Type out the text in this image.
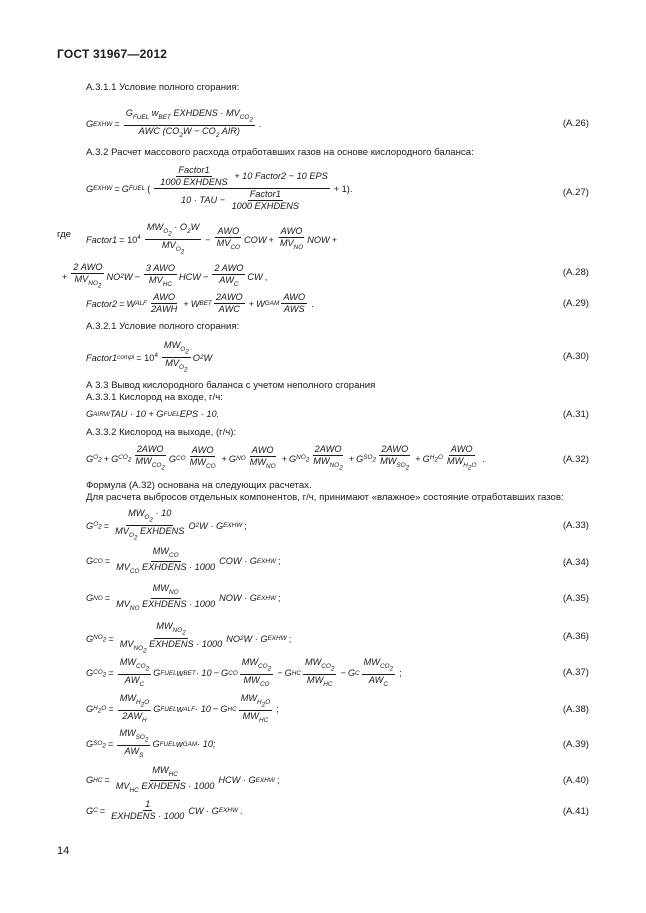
ГОСТ 31967—2012
А.3.1.1 Условие полного сгорания:
G EXHW = $\frac{G_{FUEL} w_{BET} EXHDENS \cdot MV_{CO_2}}{AWC (CO_2W - CO_2 AIR)}$ .	(А.26)
А.3.2 Расчет массового расхода отработавших газов на основе кислородного баланса:
G EXHW = G FUEL ( $\frac{\frac{\text{Factor1}}{\text{1000 EXHDENS}} + 10 Factor2 - 10 EPS}{10 \cdot TAU - \frac{\text{Factor1}}{\text{1000 EXHDENS}}} + 1$).	(А.27)
где Factor1 = $10^4 \frac{MW_{O_2} \cdot O_2W}{MV_{O_2}} - \frac{\text{AWO}}{MV_{CO}}$ COW + $\frac{\text{AWO}}{MV_{NO}}$ NOW +
+ $\frac{\text{2 AWO}}{MV_{NO_2}}$ NO 2 $W - \frac{\text{3 AWO}}{MV_{HC}}$ HCW − $\frac{\text{2 AWO}}{AW_C}$ CW ,	(А.28)
Factor2 = W ALF $\frac{\text{AWO}}{\text{2AWH}} + W$ BET $\frac{\text{2AWO}}{\text{AWC}} + W$ GAM $\frac{\text{AWO}}{\text{AWS}}$ .	(А.29)
А.3.2.1 Условие полного сгорания:
Factor1 compl = $10^4 \frac{MW_{O_2}}{MV_{O_2}}$ O 2 W	(А.30)
А 3.3 Вывод кислородного баланса с учетом неполного сгорания
А.3.3.1 Кислород на входе, г/ч:
G AIRW TAU · 10 + G FUEL EPS · 10.	(А.31)
А.3.3.2 Кислород на выходе, (г/ч):
G $O_2 + G$ $CO_2 \frac{\text{2AWO}}{MW_{CO_2}}$ G CO $\frac{\text{AWO}}{MW_{CO}} + G$ NO $\frac{\text{AWO}}{MW_{NO}} + G$ $NO_2 \frac{\text{2AWO}}{MW_{NO_2}} + G$ $SO_2 \frac{\text{2AWO}}{MW_{SO_2}} + G$ $H_2O \frac{\text{AWO}}{MW_{H_2O}}$ .	(А.32)
Формула (А.32) основана на следующих расчетах.
Для расчета выбросов отдельных компонентов, г/ч, принимают «влажное» состояние отработавших газов:
G $O_2 = \frac{MW_{O_2} \cdot 10}{MV_{O_2} EXHDENS}$ O 2 W · G EXHW ;	(А.33)
G CO = $\frac{MW_{CO}}{MV_{CO} EXHDENS \cdot 1000}$ COW · G EXHW ;	(А.34)
G NO = $\frac{MW_{NO}}{MV_{NO} EXHDENS \cdot 1000}$ NOW · G EXHW ;	(А.35)
G $NO_2 = \frac{MW_{NO_2}}{MV_{NO_2} EXHDENS \cdot 1000}$ NO 2 W · G EXHW ;	(А.36)
G $CO_2 = \frac{MW_{CO_2}}{AW_C}$ G FUEL w BET · 10 − G CO $\frac{MW_{CO_2}}{MW_{CO}} - G$ HC $\frac{MW_{CO_2}}{MW_{HC}} - G$ C $\frac{MW_{CO_2}}{AW_C}$ ;	(А.37)
G $H_2O = \frac{MW_{H_2O}}{2AW_H}$ G FUEL w ALF · 10 − G HC $\frac{MW_{H_2O}}{MW_{HC}}$ ;	(А.38)
G $SO_2 = \frac{MW_{SO_2}}{AW_S}$ G FUEL w GAM · 10;	(А.39)
G HC = $\frac{MW_{HC}}{MV_{HC} EXHDENS \cdot 1000}$ HCW · G EXHW ;	(А.40)
G $C = \frac{1}{\text{EXHDENS · 1000}}$ CW · G EXHW .	(А.41)
14
